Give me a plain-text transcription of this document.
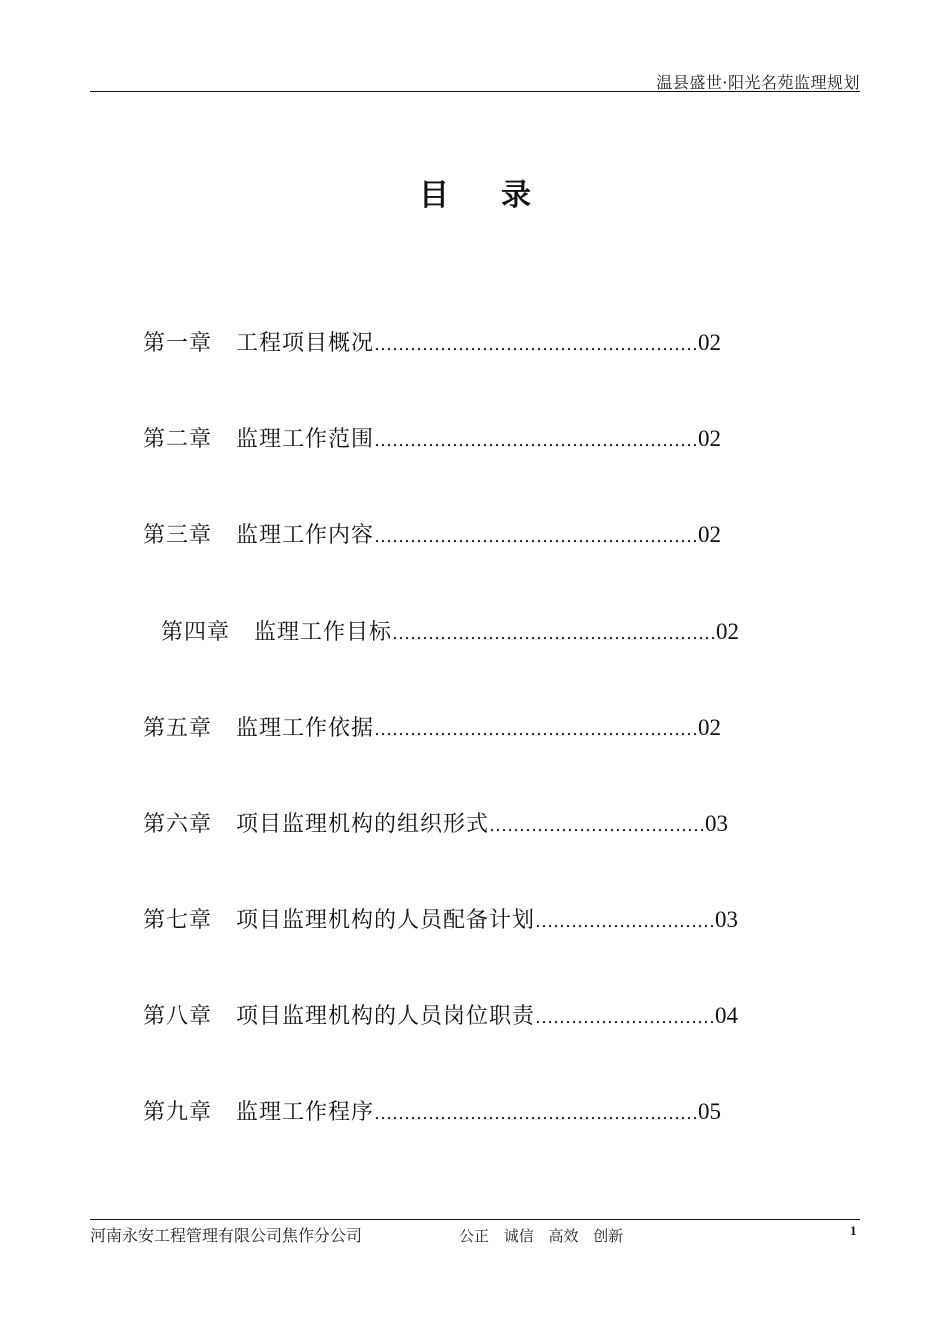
温县盛世·阳光名苑监理规划
目录
第一章 工程项目概况 ……………………………………………… 02
第二章 监理工作范围 ……………………………………………… 02
第三章 监理工作内容 ……………………………………………… 02
第四章 监理工作目标 ……………………………………………… 02
第五章 监理工作依据 ……………………………………………… 02
第六章 项目监理机构的组织形式 ……………………………… 03
第七章 项目监理机构的人员配备计划 ………………………… 03
第八章 项目监理机构的人员岗位职责 ………………………… 04
第九章 监理工作程序 ……………………………………………… 05
河南永安工程管理有限公司焦作分公司	公正 诚信 高效 创新	1
